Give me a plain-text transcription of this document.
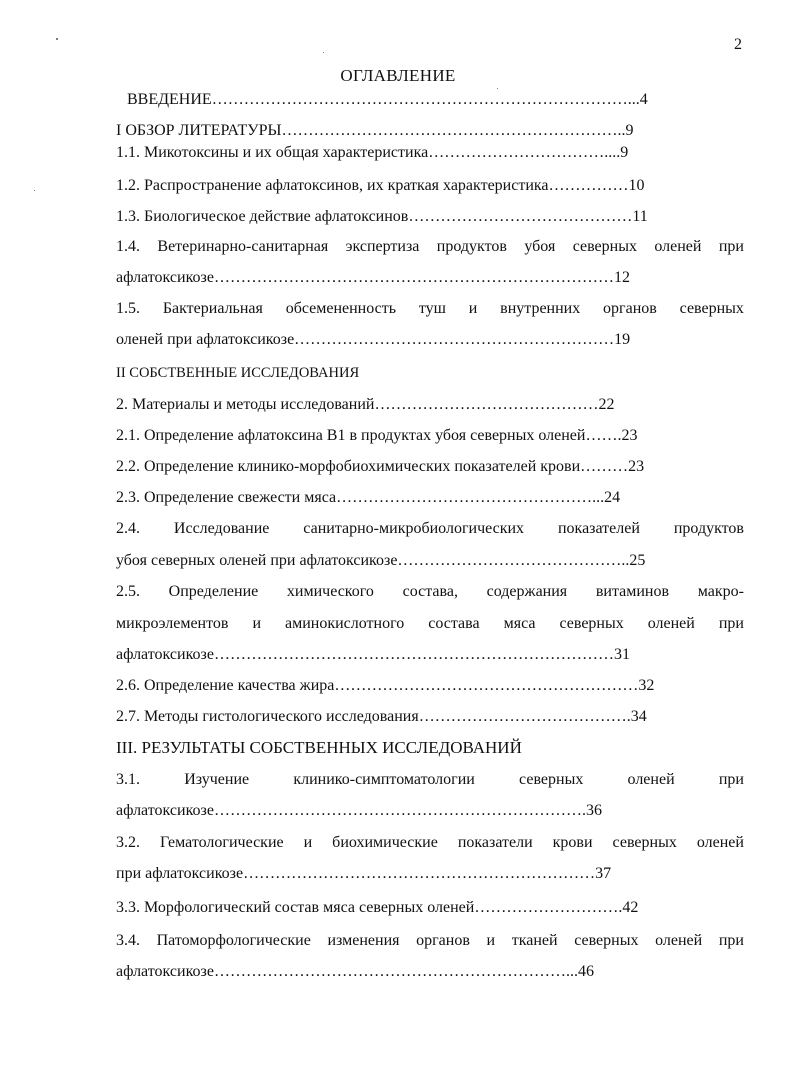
2
ОГЛАВЛЕНИЕ
ВВЕДЕНИЕ……………………………………………………………………...4
I ОБЗОР ЛИТЕРАТУРЫ………………………………………………………..9
1.1. Микотоксины и их общая характеристика……………………………....9
1.2. Распространение афлатоксинов, их краткая характеристика……………10
1.3. Биологическое действие афлатоксинов……………………………………11
1.4. Ветеринарно-санитарная экспертиза продуктов убоя северных оленей при
афлатоксикозе…………………………………………………………………12
1.5. Бактериальная обсемененность туш и внутренних органов северных
оленей при афлатоксикозе……………………………………………………19
II СОБСТВЕННЫЕ ИССЛЕДОВАНИЯ
2. Материалы и методы исследований……………………………………22
2.1. Определение афлатоксина В1 в продуктах убоя северных оленей…….23
2.2. Определение клинико-морфобиохимических показателей крови………23
2.3. Определение свежести мяса…………………………………………...24
2.4. Исследование санитарно-микробиологических показателей продуктов
убоя северных оленей при афлатоксикозе……………………………………..25
2.5. Определение химического состава, содержания витаминов макро-
микроэлементов и аминокислотного состава мяса северных оленей при
афлатоксикозе…………………………………………………………………31
2.6. Определение качества жира…………………………………………………32
2.7. Методы гистологического исследования………………………………….34
III. РЕЗУЛЬТАТЫ СОБСТВЕННЫХ ИССЛЕДОВАНИЙ
3.1.	Изучение	клинико-симптоматологии	северных	оленей	при
афлатоксикозе…………………………………………………………….36
3.2. Гематологические и биохимические показатели крови северных оленей
при афлатоксикозе…………………………………………………………37
3.3. Морфологический состав мяса северных оленей……………………….42
3.4. Патоморфологические изменения органов и тканей северных оленей при
афлатоксикозе…………………………………………………………...46
